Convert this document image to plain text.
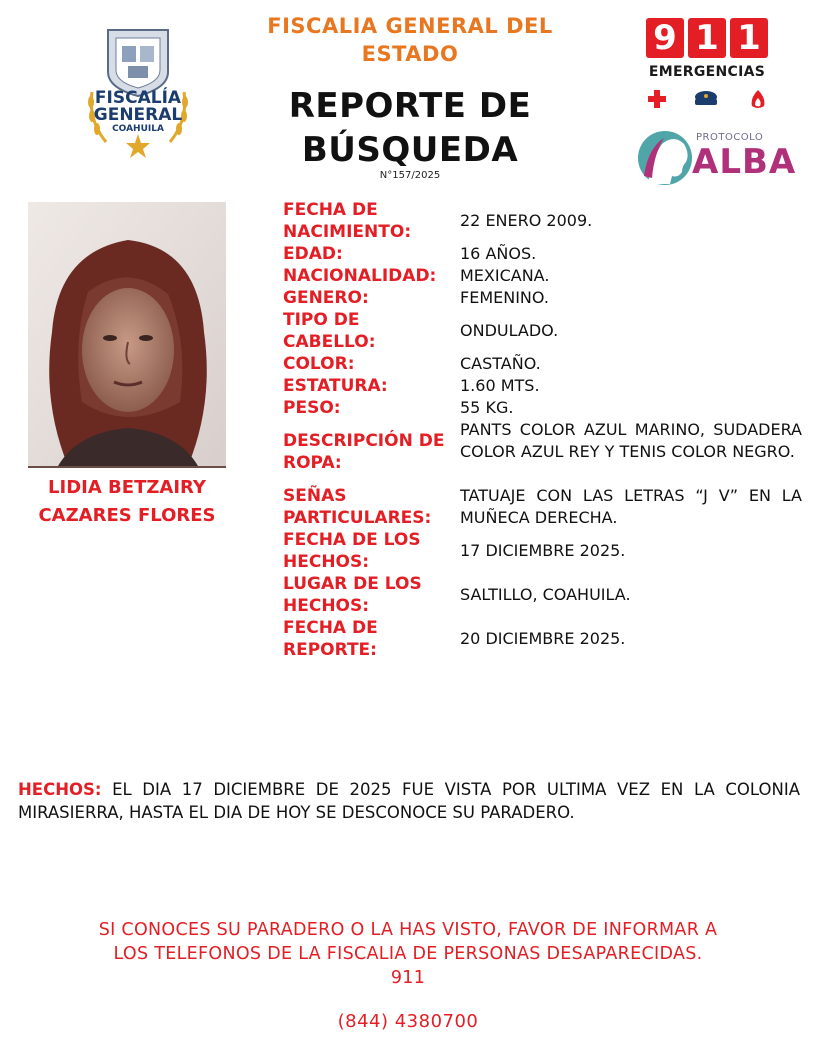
FISCALÍA
GENERAL
COAHUILA
FISCALIA GENERAL DEL
ESTADO
REPORTE DE
BÚSQUEDA
N°157/2025
9 1 1
EMERGENCIAS
PROTOCOLO
ALBA
LIDIA BETZAIRY
CAZARES FLORES
FECHA DE
NACIMIENTO:
22 ENERO 2009.
EDAD:	16 AÑOS.
NACIONALIDAD:	MEXICANA.
GENERO:	FEMENINO.
TIPO DE
CABELLO:
ONDULADO.
COLOR:	CASTAÑO.
ESTATURA:	1.60 MTS.
PESO:	55 KG.
DESCRIPCIÓN DE
ROPA:
PANTS COLOR AZUL MARINO, SUDADERA COLOR AZUL REY Y TENIS COLOR NEGRO.
SEÑAS
PARTICULARES:
TATUAJE CON LAS LETRAS “J V” EN LA MUÑECA DERECHA.
FECHA DE LOS
HECHOS:
17 DICIEMBRE 2025.
LUGAR DE LOS
HECHOS:
SALTILLO, COAHUILA.
FECHA DE
REPORTE:
20 DICIEMBRE 2025.
HECHOS: EL DIA 17 DICIEMBRE DE 2025 FUE VISTA POR ULTIMA VEZ EN LA COLONIA MIRASIERRA, HASTA EL DIA DE HOY SE DESCONOCE SU PARADERO.
SI CONOCES SU PARADERO O LA HAS VISTO, FAVOR DE INFORMAR A
LOS TELEFONOS DE LA FISCALIA DE PERSONAS DESAPARECIDAS.
911
(844) 4380700
